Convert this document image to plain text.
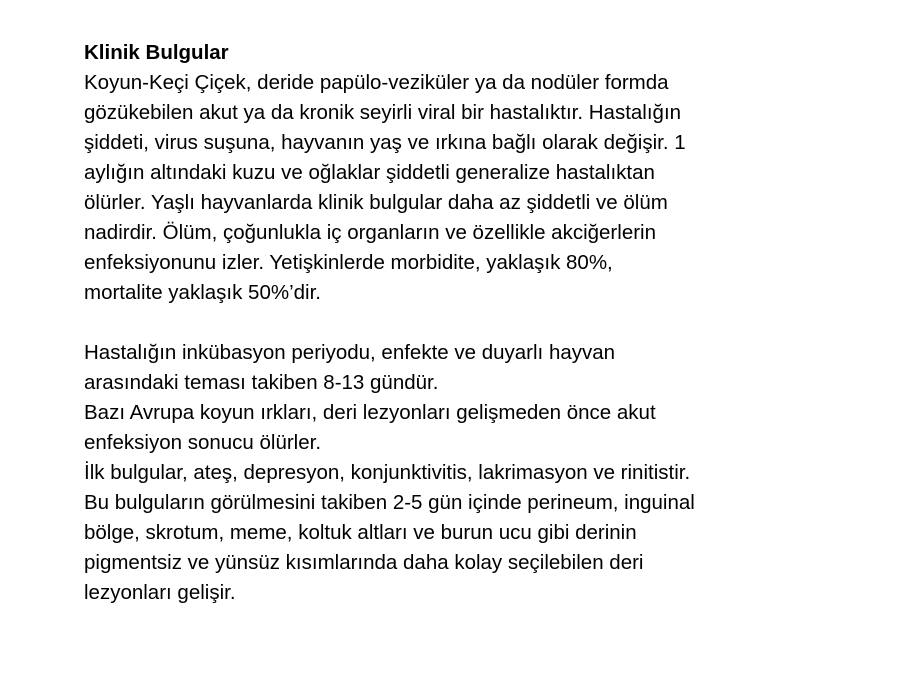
Klinik Bulgular

Koyun-Keçi Çiçek, deride papülo-veziküler ya da nodüler formda
gözükebilen akut ya da kronik seyirli viral bir hastalıktır. Hastalığın
şiddeti, virus suşuna, hayvanın yaş ve ırkına bağlı olarak değişir. 1
aylığın altındaki kuzu ve oğlaklar şiddetli generalize hastalıktan
ölürler. Yaşlı hayvanlarda klinik bulgular daha az şiddetli ve ölüm
nadirdir. Ölüm, çoğunlukla iç organların ve özellikle akciğerlerin
enfeksiyonunu izler. Yetişkinlerde morbidite, yaklaşık 80%,
mortalite yaklaşık 50%’dir.

Hastalığın inkübasyon periyodu, enfekte ve duyarlı hayvan
arasındaki teması takiben 8-13 gündür.

Bazı Avrupa koyun ırkları, deri lezyonları gelişmeden önce akut
enfeksiyon sonucu ölürler.

İlk bulgular, ateş, depresyon, konjunktivitis, lakrimasyon ve rinitistir.
Bu bulguların görülmesini takiben 2-5 gün içinde perineum, inguinal
bölge, skrotum, meme, koltuk altları ve burun ucu gibi derinin
pigmentsiz ve yünsüz kısımlarında daha kolay seçilebilen deri
lezyonları gelişir.
